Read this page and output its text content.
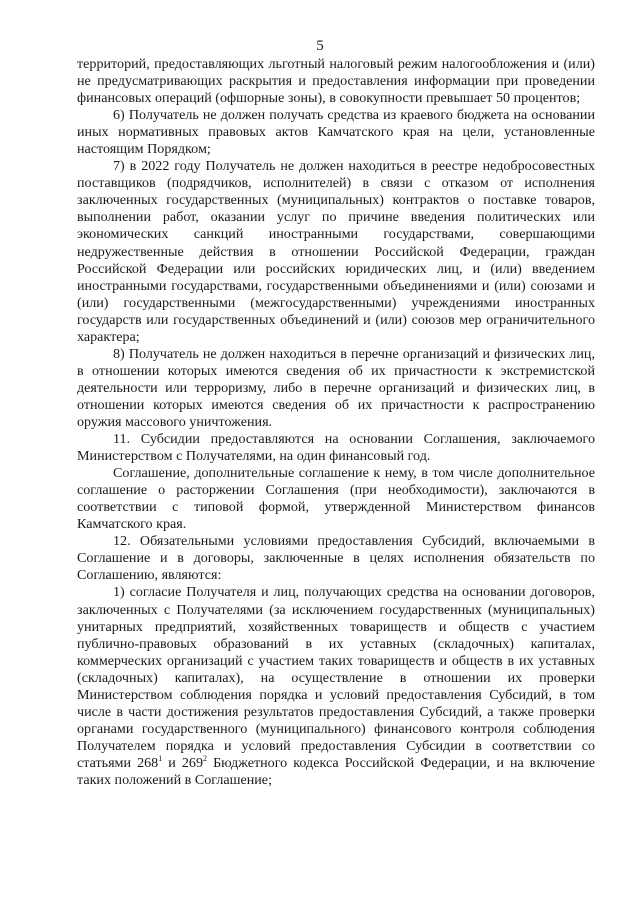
5

территорий, предоставляющих льготный налоговый режим налогообложения и (или) не предусматривающих раскрытия и предоставления информации при проведении финансовых операций (офшорные зоны), в совокупности превышает 50 процентов;

6) Получатель не должен получать средства из краевого бюджета на основании иных нормативных правовых актов Камчатского края на цели, установленные настоящим Порядком;

7) в 2022 году Получатель не должен находиться в реестре недобросовестных поставщиков (подрядчиков, исполнителей) в связи с отказом от исполнения заключенных государственных (муниципальных) контрактов о поставке товаров, выполнении работ, оказании услуг по причине введения политических или экономических санкций иностранными государствами, совершающими недружественные действия в отношении Российской Федерации, граждан Российской Федерации или российских юридических лиц, и (или) введением иностранными государствами, государственными объединениями и (или) союзами и (или) государственными (межгосударственными) учреждениями иностранных государств или государственных объединений и (или) союзов мер ограничительного характера;

8) Получатель не должен находиться в перечне организаций и физических лиц, в отношении которых имеются сведения об их причастности к экстремистской деятельности или терроризму, либо в перечне организаций и физических лиц, в отношении которых имеются сведения об их причастности к распространению оружия массового уничтожения.

11. Субсидии предоставляются на основании Соглашения, заключаемого Министерством с Получателями, на один финансовый год.

Соглашение, дополнительные соглашение к нему, в том числе дополнительное соглашение о расторжении Соглашения (при необходимости), заключаются в соответствии с типовой формой, утвержденной Министерством финансов Камчатского края.

12. Обязательными условиями предоставления Субсидий, включаемыми в Соглашение и в договоры, заключенные в целях исполнения обязательств по Соглашению, являются:

1) согласие Получателя и лиц, получающих средства на основании договоров, заключенных с Получателями (за исключением государственных (муниципальных) унитарных предприятий, хозяйственных товариществ и обществ с участием публично-правовых образований в их уставных (складочных) капиталах, коммерческих организаций с участием таких товариществ и обществ в их уставных (складочных) капиталах), на осуществление в отношении их проверки Министерством соблюдения порядка и условий предоставления Субсидий, в том числе в части достижения результатов предоставления Субсидий, а также проверки органами государственного (муниципального) финансового контроля соблюдения Получателем порядка и условий предоставления Субсидии в соответствии со статьями $268^1$ и $269^2$ Бюджетного кодекса Российской Федерации, и на включение таких положений в Соглашение;
